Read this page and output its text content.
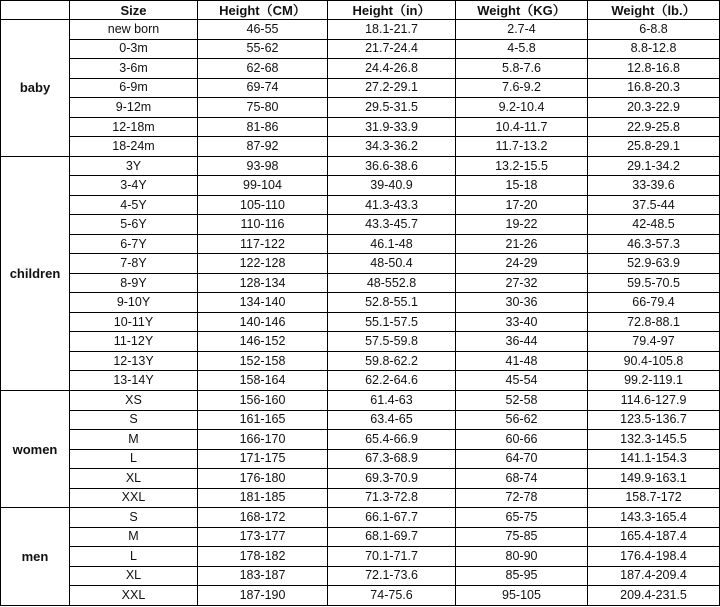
	Size	Height（CM）	Height（in）	Weight（KG）	Weight（lb.）
baby	new born	46-55	18.1-21.7	2.7-4	6-8.8
	0-3m	55-62	21.7-24.4	4-5.8	8.8-12.8
	3-6m	62-68	24.4-26.8	5.8-7.6	12.8-16.8
	6-9m	69-74	27.2-29.1	7.6-9.2	16.8-20.3
	9-12m	75-80	29.5-31.5	9.2-10.4	20.3-22.9
	12-18m	81-86	31.9-33.9	10.4-11.7	22.9-25.8
	18-24m	87-92	34.3-36.2	11.7-13.2	25.8-29.1
children	3Y	93-98	36.6-38.6	13.2-15.5	29.1-34.2
	3-4Y	99-104	39-40.9	15-18	33-39.6
	4-5Y	105-110	41.3-43.3	17-20	37.5-44
	5-6Y	110-116	43.3-45.7	19-22	42-48.5
	6-7Y	117-122	46.1-48	21-26	46.3-57.3
	7-8Y	122-128	48-50.4	24-29	52.9-63.9
	8-9Y	128-134	48-552.8	27-32	59.5-70.5
	9-10Y	134-140	52.8-55.1	30-36	66-79.4
	10-11Y	140-146	55.1-57.5	33-40	72.8-88.1
	11-12Y	146-152	57.5-59.8	36-44	79.4-97
	12-13Y	152-158	59.8-62.2	41-48	90.4-105.8
	13-14Y	158-164	62.2-64.6	45-54	99.2-119.1
women	XS	156-160	61.4-63	52-58	114.6-127.9
	S	161-165	63.4-65	56-62	123.5-136.7
	M	166-170	65.4-66.9	60-66	132.3-145.5
	L	171-175	67.3-68.9	64-70	141.1-154.3
	XL	176-180	69.3-70.9	68-74	149.9-163.1
	XXL	181-185	71.3-72.8	72-78	158.7-172
men	S	168-172	66.1-67.7	65-75	143.3-165.4
	M	173-177	68.1-69.7	75-85	165.4-187.4
	L	178-182	70.1-71.7	80-90	176.4-198.4
	XL	183-187	72.1-73.6	85-95	187.4-209.4
	XXL	187-190	74-75.6	95-105	209.4-231.5
